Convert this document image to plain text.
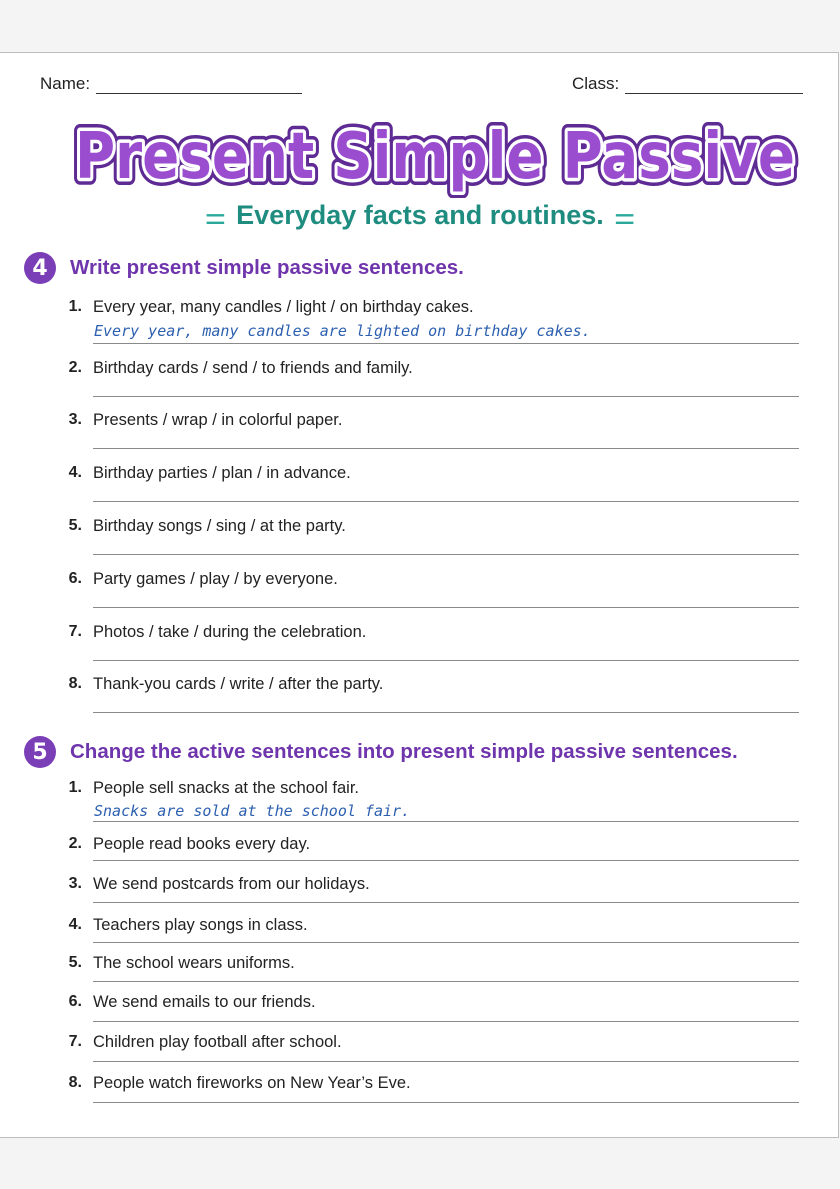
Name:	Class:
Present Simple Passive
Present Simple Passive
Present Simple Passive
⚌ Everyday facts and routines. ⚌
4	Write present simple passive sentences.
1. Every year, many candles / light / on birthday cakes.
Every year, many candles are lighted on birthday cakes.
2. Birthday cards / send / to friends and family.
3. Presents / wrap / in colorful paper.
4. Birthday parties / plan / in advance.
5. Birthday songs / sing / at the party.
6. Party games / play / by everyone.
7. Photos / take / during the celebration.
8. Thank-you cards / write / after the party.
5	Change the active sentences into present simple passive sentences.
1. People sell snacks at the school fair.
Snacks are sold at the school fair.
2. People read books every day.
3. We send postcards from our holidays.
4. Teachers play songs in class.
5. The school wears uniforms.
6. We send emails to our friends.
7. Children play football after school.
8. People watch fireworks on New Year’s Eve.
